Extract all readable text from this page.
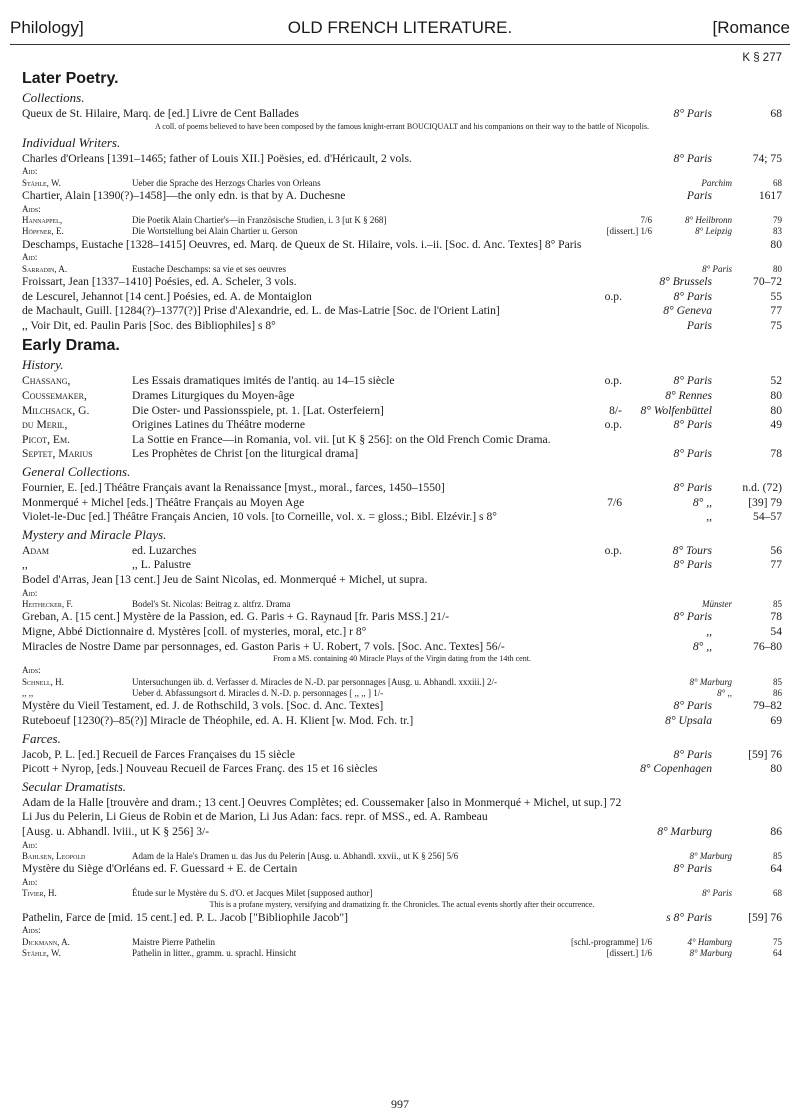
Philology]	OLD FRENCH LITERATURE.	[Romance
K § 277
Later Poetry.
Collections.
Queux de St. Hilaire, Marq. de [ed.] Livre de Cent Ballades	8° Paris	68
A coll. of poems believed to have been composed by the famous knight-errant BOUCIQUALT and his companions on their way to the battle of Nicopolis.
Individual Writers.
Charles d'Orleans [1391–1465; father of Louis XII.] Poësies, ed. d'Héricault, 2 vols.	8° Paris	74; 75
Aid:
Stähle, W.	Ueber die Sprache des Herzogs Charles von Orleans	Parchim	68
Chartier, Alain [1390(?)–1458]—the only edn. is that by A. Duchesne	Paris	1617
Aids:
Hannappel,	Die Poetik Alain Chartier's—in Französische Studien, i. 3 [ut K § 268]	7/6	8° Heilbronn	79
Höpfner, E.	Die Wortstellung bei Alain Chartier u. Gerson	[dissert.] 1/6	8° Leipzig	83
Deschamps, Eustache [1328–1415] Oeuvres, ed. Marq. de Queux de St. Hilaire, vols. i.–ii. [Soc. d. Anc. Textes] 8° Paris	80
Aid:
Sarradin, A.	Eustache Deschamps: sa vie et ses oeuvres	8° Paris	80
Froissart, Jean [1337–1410] Poésies, ed. A. Scheler, 3 vols.	8° Brussels	70–72
de Lescurel, Jehannot [14 cent.] Poésies, ed. A. de Montaiglon	o.p.	8° Paris	55
de Machault, Guill. [1284(?)–1377(?)] Prise d'Alexandrie, ed. L. de Mas-Latrie [Soc. de l'Orient Latin]	8° Geneva	77
,, Voir Dit, ed. Paulin Paris [Soc. des Bibliophiles] s 8°	Paris	75
Early Drama.
History.
Chassang,	Les Essais dramatiques imités de l'antiq. au 14–15 siècle	o.p.	8° Paris	52
Coussemaker,	Drames Liturgiques du Moyen-âge	8° Rennes	80
Milchsack, G.	Die Oster- und Passionsspiele, pt. 1. [Lat. Osterfeiern]	8/- 8° Wolfenbüttel	80
du Meril,	Origines Latines du Théâtre moderne	o.p.	8° Paris	49
Picot, Em.	La Sottie en France—in Romania, vol. vii. [ut K § 256]: on the Old French Comic Drama.
Septet, Marius	Les Prophètes de Christ [on the liturgical drama]	8° Paris	78
General Collections.
Fournier, E. [ed.] Théâtre Français avant la Renaissance [myst., moral., farces, 1450–1550]	8° Paris	n.d. (72)
Monmerqué + Michel [eds.] Théâtre Français au Moyen Age	7/6	8° ,,	[39] 79
Violet-le-Duc [ed.] Théâtre Français Ancien, 10 vols. [to Corneille, vol. x. = gloss.; Bibl. Elzévir.] s 8°	,,	54–57
Mystery and Miracle Plays.
Adam	ed. Luzarches	o.p.	8° Tours	56
,,	,, L. Palustre	8° Paris	77
Bodel d'Arras, Jean [13 cent.] Jeu de Saint Nicolas, ed. Monmerqué + Michel, ut supra.
Aid:
Heithecker, F.	Bodel's St. Nicolas: Beitrag z. altfrz. Drama	Münster	85
Greban, A. [15 cent.] Mystère de la Passion, ed. G. Paris + G. Raynaud [fr. Paris MSS.] 21/-	8° Paris	78
Migne, Abbé Dictionnaire d. Mystères [coll. of mysteries, moral, etc.] r 8°	,,	54
Miracles de Nostre Dame par personnages, ed. Gaston Paris + U. Robert, 7 vols. [Soc. Anc. Textes] 56/-	8° ,,	76–80
From a MS. containing 40 Miracle Plays of the Virgin dating from the 14th cent.
Aids:
Schnell, H.	Untersuchungen üb. d. Verfasser d. Miracles de N.-D. par personnages [Ausg. u. Abhandl. xxxiii.] 2/-	8° Marburg	85
,, ,,	Ueber d. Abfassungsort d. Miracles d. N.-D. p. personnages [ ,, ,, ] 1/-	8° ,,	86
Mystère du Vieil Testament, ed. J. de Rothschild, 3 vols. [Soc. d. Anc. Textes]	8° Paris	79–82
Ruteboeuf [1230(?)–85(?)] Miracle de Théophile, ed. A. H. Klient [w. Mod. Fch. tr.]	8° Upsala	69
Farces.
Jacob, P. L. [ed.] Recueil de Farces Françaises du 15 siècle	8° Paris	[59] 76
Picott + Nyrop, [eds.] Nouveau Recueil de Farces Franç. des 15 et 16 siècles	8° Copenhagen	80
Secular Dramatists.
Adam de la Halle [trouvère and dram.; 13 cent.] Oeuvres Complètes; ed. Coussemaker [also in Monmerqué + Michel, ut sup.] 72
Li Jus du Pelerin, Li Gieus de Robin et de Marion, Li Jus Adan: facs. repr. of MSS., ed. A. Rambeau
[Ausg. u. Abhandl. lviii., ut K § 256] 3/-	8° Marburg	86
Aid:
Bahlsen, Leopold	Adam de la Hale's Dramen u. das Jus du Pelerin [Ausg. u. Abhandl. xxvii., ut K § 256] 5/6	8° Marburg	85
Mystère du Siège d'Orléans ed. F. Guessard + E. de Certain	8° Paris	64
Aid:
Tivier, H.	Étude sur le Mystère du S. d'O. et Jacques Milet [supposed author]	8° Paris	68
This is a profane mystery, versifying and dramatizing fr. the Chronicles. The actual events shortly after their occurrence.
Pathelin, Farce de [mid. 15 cent.] ed. P. L. Jacob ["Bibliophile Jacob"]	s 8° Paris	[59] 76
Aids:
Dickmann, A.	Maistre Pierre Pathelin	[schl.-programme] 1/6	4° Hamburg	75
Stähle, W.	Pathelin in litter., gramm. u. sprachl. Hinsicht	[dissert.] 1/6	8° Marburg	64
997
